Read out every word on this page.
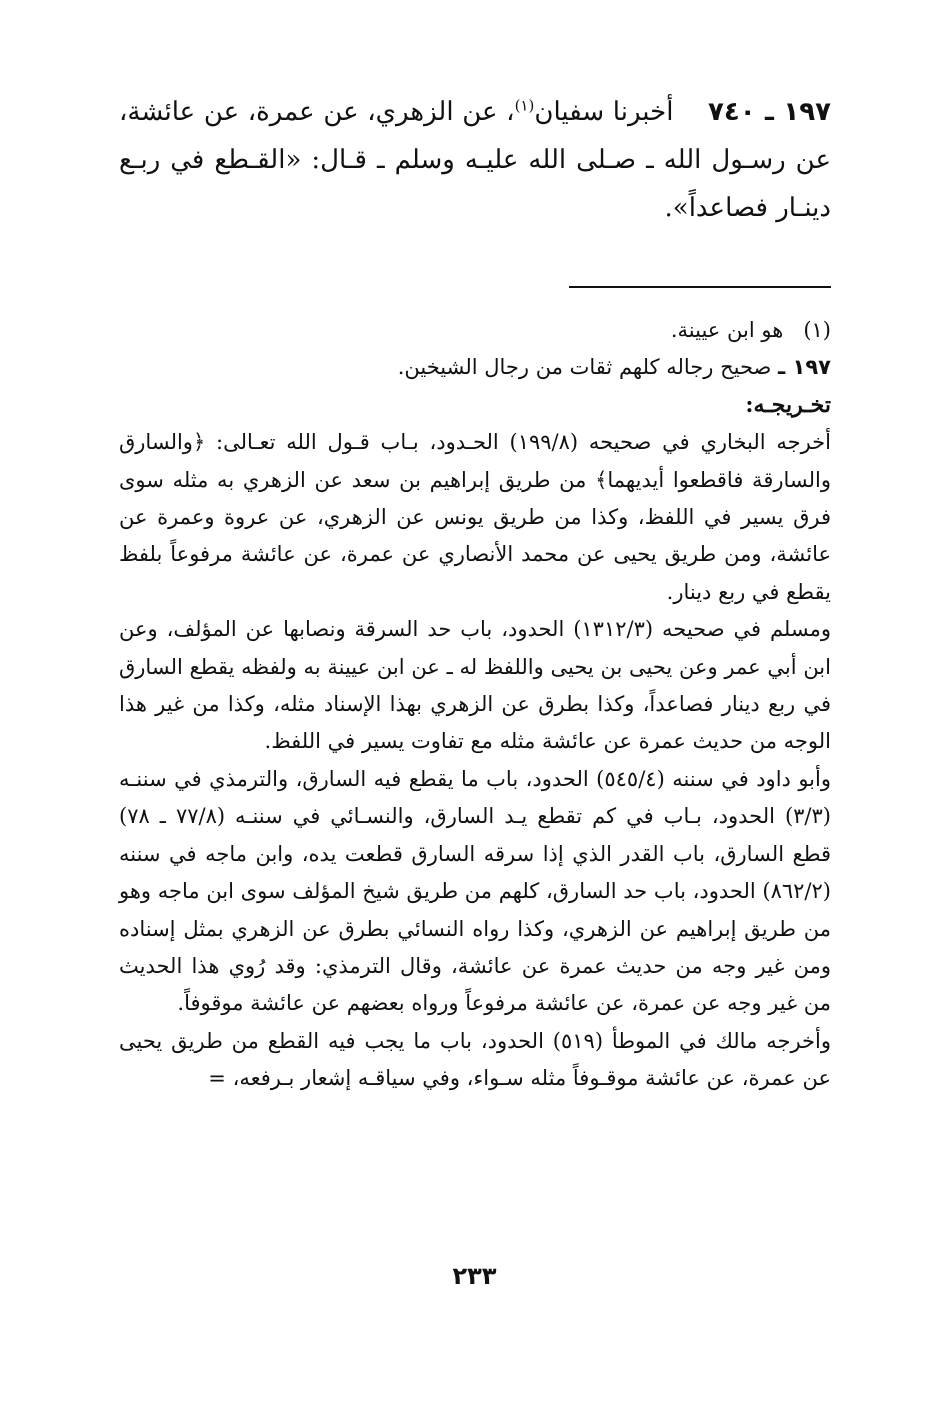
١٩٧ ـ ٧٤٠    أخبرنا سفيان$^{(١)}$، عن الزهري، عن عمرة، عن عائشة، عن رسـول الله ـ صـلى الله عليـه وسلم ـ قـال: «القـطع في ربـع دينـار فصاعداً».

(١)   هو ابن عيينة.

١٩٧ ـ صحيح رجاله كلهم ثقات من رجال الشيخين.

تخـريجـه:

أخرجه البخاري في صحيحه (١٩٩/٨) الحـدود، بـاب قـول الله تعـالى: ﴿والسارق والسارقة فاقطعوا أيديهما﴾ من طريق إبراهيم بن سعد عن الزهري به مثله سوى فرق يسير في اللفظ، وكذا من طريق يونس عن الزهري، عن عروة وعمرة عن عائشة، ومن طريق يحيى عن محمد الأنصاري عن عمرة، عن عائشة مرفوعاً بلفظ يقطع في ربع دينار.

ومسلم في صحيحه (١٣١٢/٣) الحدود، باب حد السرقة ونصابها عن المؤلف، وعن ابن أبي عمر وعن يحيى بن يحيى واللفظ له ـ عن ابن عيينة به ولفظه يقطع السارق في ربع دينار فصاعداً، وكذا بطرق عن الزهري بهذا الإسناد مثله، وكذا من غير هذا الوجه من حديث عمرة عن عائشة مثله مع تفاوت يسير في اللفظ.

وأبو داود في سننه (٥٤٥/٤) الحدود، باب ما يقطع فيه السارق، والترمذي في سننـه (٣/٣) الحدود، بـاب في كم تقطع يـد السارق، والنسـائي في سننـه (٧٧/٨ ـ ٧٨) قطع السارق، باب القدر الذي إذا سرقه السارق قطعت يده، وابن ماجه في سننه (٨٦٢/٢) الحدود، باب حد السارق، كلهم من طريق شيخ المؤلف سوى ابن ماجه وهو من طريق إبراهيم عن الزهري، وكذا رواه النسائي بطرق عن الزهري بمثل إسناده ومن غير وجه من حديث عمرة عن عائشة، وقال الترمذي: وقد رُوي هذا الحديث من غير وجه عن عمرة، عن عائشة مرفوعاً ورواه بعضهم عن عائشة موقوفاً.

وأخرجه مالك في الموطأ (٥١٩) الحدود، باب ما يجب فيه القطع من طريق يحيى عن عمرة، عن عائشة موقـوفاً مثله سـواء، وفي سياقـه إشعار بـرفعه، =

٢٣٣
